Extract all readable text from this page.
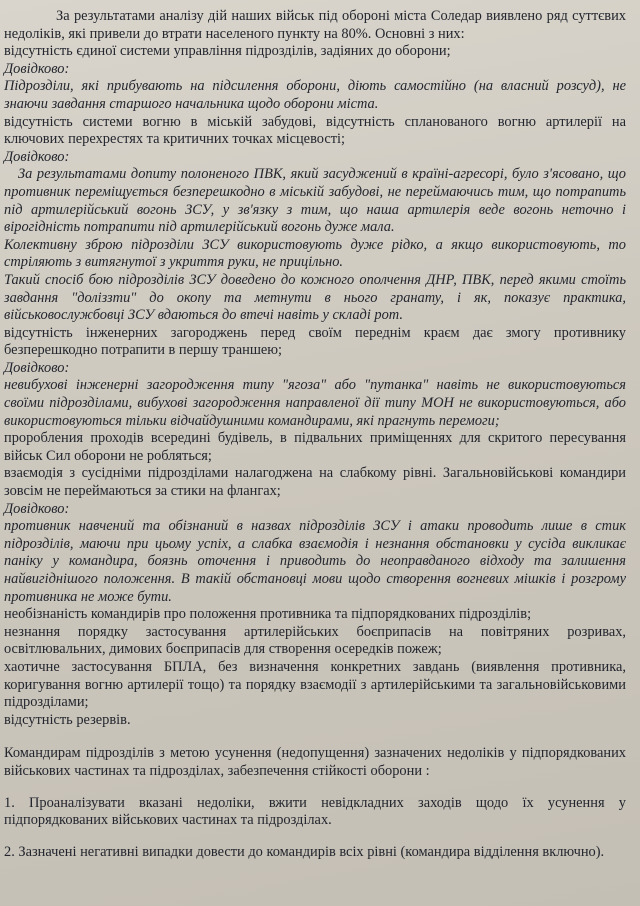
За результатами аналізу дій наших військ під обороні міста Соледар виявлено ряд суттєвих недоліків, які привели до втрати населеного пункту на 80%. Основні з них:

відсутність єдиної системи управління підрозділів, задіяних до оборони;

Довідково:

Підрозділи, які прибувають на підсилення оборони, діють самостійно (на власний розсуд), не знаючи завдання старшого начальника щодо оборони міста.

відсутність системи вогню в міській забудові, відсутність спланованого вогню артилерії на ключових перехрестях та критичних точках місцевості;

Довідково:

За результатами допиту полоненого ПВК, який засуджений в країні-агресорі, було з'ясовано, що противник переміщується безперешкодно в міській забудові, не переймаючись тим, що потрапить під артилерійський вогонь ЗСУ, у зв'язку з тим, що наша артилерія веде вогонь неточно і вірогідність потрапити під артилерійський вогонь дуже мала.

Колективну зброю підрозділи ЗСУ використовують дуже рідко, а якщо використовують, то стріляють з витягнутої з укриття руки, не прицільно.

Такий спосіб бою підрозділів ЗСУ доведено до кожного ополчення ДНР, ПВК, перед якими стоїть завдання "доліззти" до окопу та метнути в нього гранату, і як, показує практика, військовослужбовці ЗСУ вдаються до втечі навіть у складі рот.

відсутність інженерних загороджень перед своїм переднім краєм дає змогу противнику безперешкодно потрапити в першу траншею;

Довідково:

невибухові інженерні загородження типу "ягоза" або "путанка" навіть не використовуються своїми підрозділами, вибухові загородження направленої дії типу МОН не використовуються, або використовуються тільки відчайдушними командирами, які прагнуть перемоги;

проробления проходів всередині будівель, в підвальних приміщеннях для скритого пересування військ Сил оборони не робляться;

взаємодія з сусідніми підрозділами налагоджена на слабкому рівні. Загальновійськові командири зовсім не переймаються за стики на флангах;

Довідково:

противник навчений та обізнаний в назвах підрозділів ЗСУ і атаки проводить лише в стик підрозділів, маючи при цьому успіх, а слабка взаємодія і незнання обстановки у сусіда викликає паніку у командира, боязнь оточення і приводить до неоправданого відходу та залишення найвигіднішого положення. В такій обстановці мови щодо створення вогневих мішків і розгрому противника не може бути.

необізнаність командирів про положення противника та підпорядкованих підрозділів;

незнання порядку застосування артилерійських боєприпасів на повітряних розривах, освітлювальних, димових боєприпасів для створення осередків пожеж;

хаотичне застосування БПЛА, без визначення конкретних завдань (виявлення противника, коригування вогню артилерії тощо) та порядку взаємодії з артилерійськими та загальновійськовими підрозділами;

відсутність резервів.

Командирам підрозділів з метою усунення (недопущення) зазначених недоліків у підпорядкованих військових частинах та підрозділах, забезпечення стійкості оборони :

1. Проаналізувати вказані недоліки, вжити невідкладних заходів щодо їх усунення у підпорядкованих військових частинах та підрозділах.

2. Зазначені негативні випадки довести до командирів всіх рівні (командира відділення включно).
